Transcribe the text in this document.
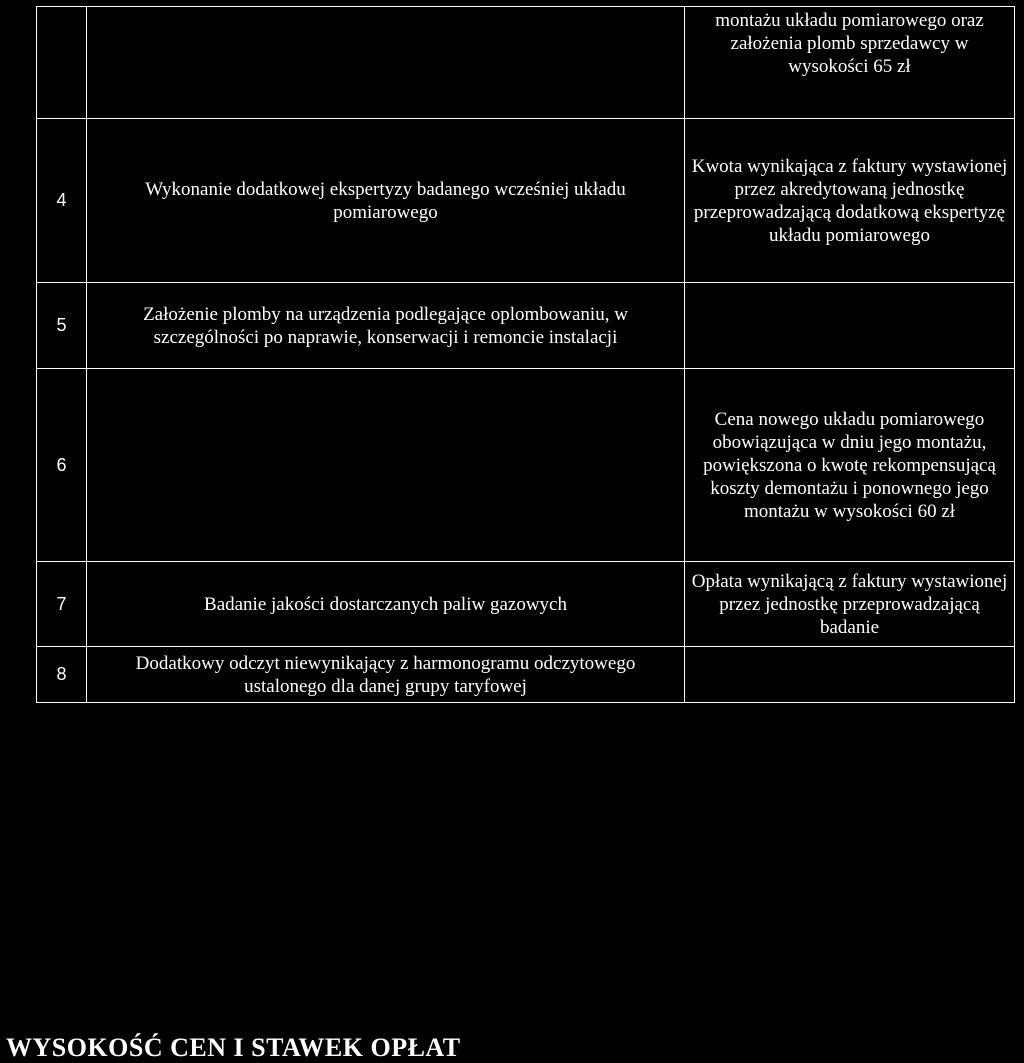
		montażu układu pomiarowego oraz założenia plomb sprzedawcy w wysokości 65 zł
4	Wykonanie dodatkowej ekspertyzy badanego wcześniej układu pomiarowego	Kwota wynikająca z faktury wystawionej przez akredytowaną jednostkę przeprowadzającą dodatkową ekspertyzę układu pomiarowego
5	Założenie plomby na urządzenia podlegające oplombowaniu, w szczególności po naprawie, konserwacji i remoncie instalacji	
6		Cena nowego układu pomiarowego obowiązująca w dniu jego montażu, powiększona o kwotę rekompensującą koszty demontażu i ponownego jego montażu w wysokości 60 zł
7	Badanie jakości dostarczanych paliw gazowych	Opłata wynikającą z faktury wystawionej przez jednostkę przeprowadzającą badanie
8	Dodatkowy odczyt niewynikający z harmonogramu odczytowego ustalonego dla danej grupy taryfowej	
WYSOKOŚĆ CEN I STAWEK OPŁAT
